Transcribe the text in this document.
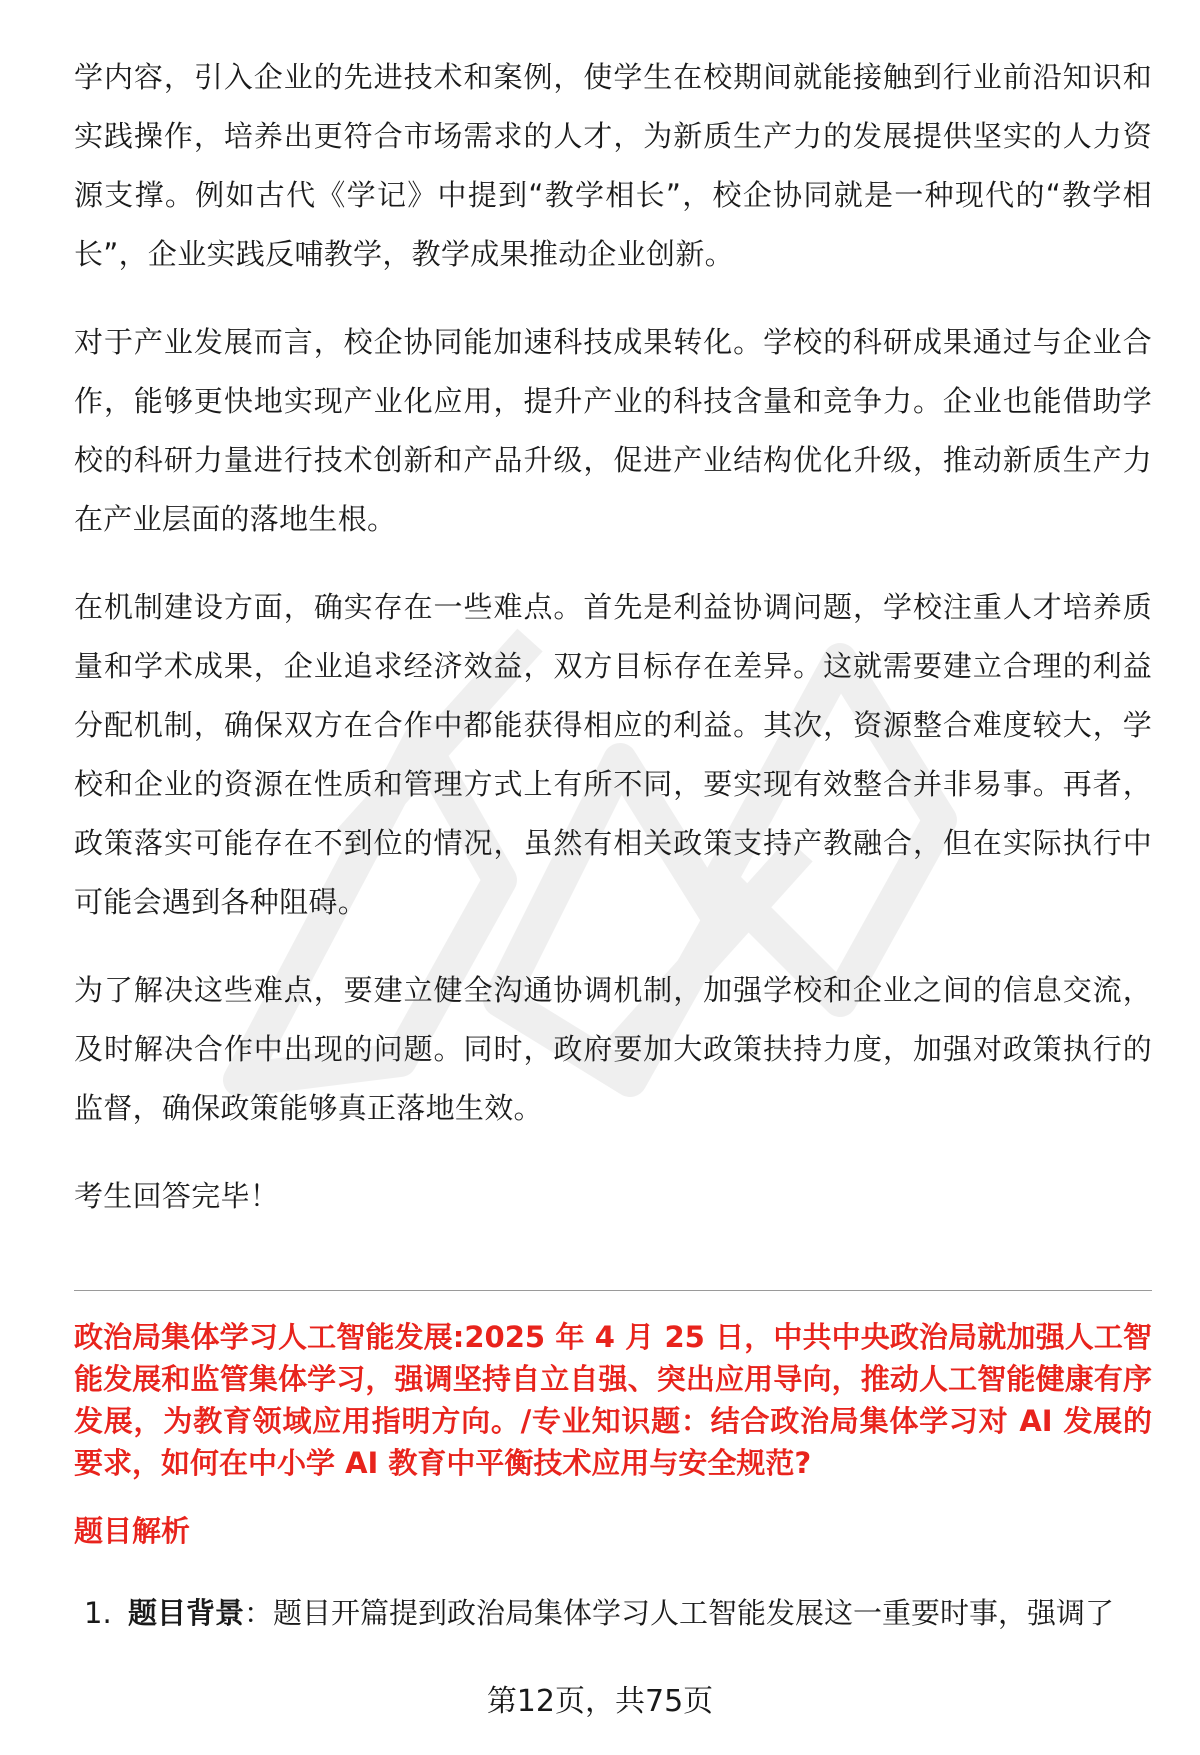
学内容，引入企业的先进技术和案例，使学生在校期间就能接触到行业前沿知识和实践操作，培养出更符合市场需求的人才，为新质生产力的发展提供坚实的人力资源支撑。例如古代《学记》中提到“教学相长”，校企协同就是一种现代的“教学相长”，企业实践反哺教学，教学成果推动企业创新。

对于产业发展而言，校企协同能加速科技成果转化。学校的科研成果通过与企业合作，能够更快地实现产业化应用，提升产业的科技含量和竞争力。企业也能借助学校的科研力量进行技术创新和产品升级，促进产业结构优化升级，推动新质生产力在产业层面的落地生根。

在机制建设方面，确实存在一些难点。首先是利益协调问题，学校注重人才培养质量和学术成果，企业追求经济效益，双方目标存在差异。这就需要建立合理的利益分配机制，确保双方在合作中都能获得相应的利益。其次，资源整合难度较大，学校和企业的资源在性质和管理方式上有所不同，要实现有效整合并非易事。再者，政策落实可能存在不到位的情况，虽然有相关政策支持产教融合，但在实际执行中可能会遇到各种阻碍。

为了解决这些难点，要建立健全沟通协调机制，加强学校和企业之间的信息交流，及时解决合作中出现的问题。同时，政府要加大政策扶持力度，加强对政策执行的监督，确保政策能够真正落地生效。

考生回答完毕！

政治局集体学习人工智能发展:2025 年 4 月 25 日，中共中央政治局就加强人工智能发展和监管集体学习，强调坚持自立自强、突出应用导向，推动人工智能健康有序发展，为教育领域应用指明方向。/专业知识题：结合政治局集体学习对 AI 发展的要求，如何在中小学 AI 教育中平衡技术应用与安全规范?

题目解析

1. 题目背景：题目开篇提到政治局集体学习人工智能发展这一重要时事，强调了

第12页，共75页
